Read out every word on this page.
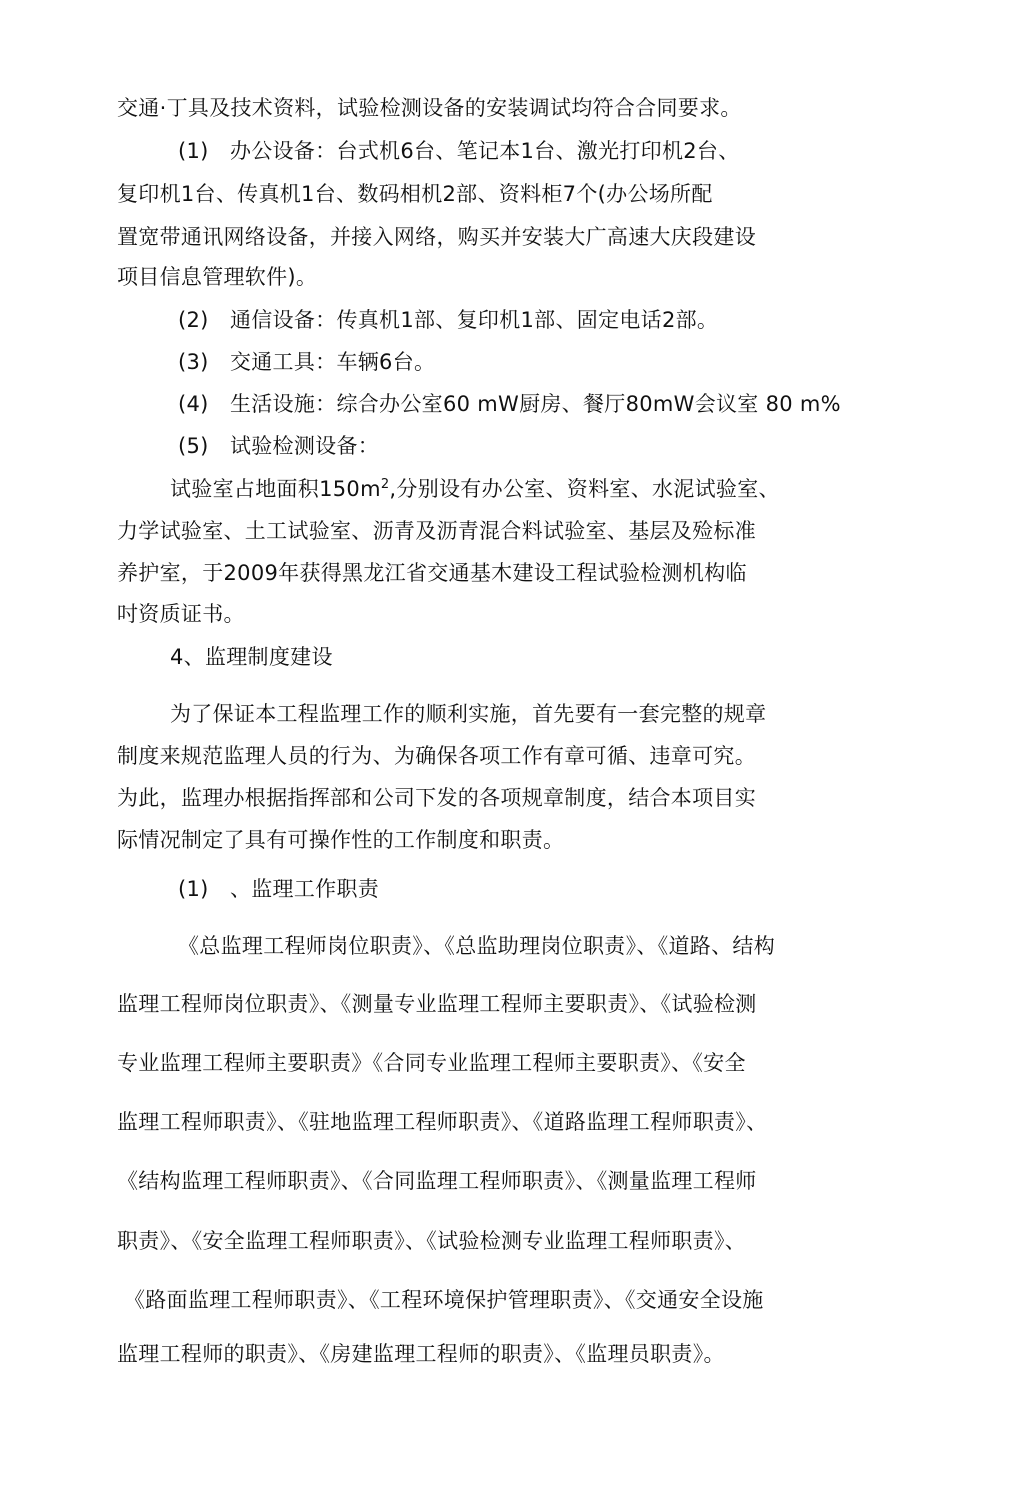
交通·丁具及技术资料，试验检测设备的安装调试均符合合同要求。
(1)　办公设备：台式机6台、笔记本1台、激光打印机2台、
复印机1台、传真机1台、数码相机2部、资料柜7个(办公场所配
置宽带通讯网络设备，并接入网络，购买并安装大广高速大庆段建设
项目信息管理软件)。
(2)　通信设备：传真机1部、复印机1部、固定电话2部。
(3)　交通工具：车辆6台。
(4)　生活设施：综合办公室60 mW厨房、餐厅80mW会议室 80 m%
(5)　试验检测设备：
试验室占地面积$150m^2$,分别设有办公室、资料室、水泥试验室、
力学试验室、土工试验室、沥青及沥青混合料试验室、基层及殓标准
养护室，于2009年获得黑龙江省交通基木建设工程试验检测机构临
吋资质证书。
4、监理制度建设
为了保证本工程监理工作的顺利实施，首先要有一套完整的规章
制度来规范监理人员的行为、为确保各项工作有章可循、违章可究。
为此，监理办根据指挥部和公司下发的各项规章制度，结合本项目实
际情况制定了具有可操作性的工作制度和职责。
(1)　、监理工作职责
《总监理工程师岗位职责》、《总监助理岗位职责》、《道路、结构
监理工程师岗位职责》、《测量专业监理工程师主要职责》、《试验检测
专业监理工程师主要职责》《合同专业监理工程师主要职责》、《安全
监理工程师职责》、《驻地监理工程师职责》、《道路监理工程师职责》、
《结构监理工程师职责》、《合同监理工程师职责》、《测量监理工程师
职责》、《安全监理工程师职责》、《试验检测专业监理工程师职责》、
《路面监理工程师职责》、《工程环境保护管理职责》、《交通安全设施
监理工程师的职责》、《房建监理工程师的职责》、《监理员职责》。
